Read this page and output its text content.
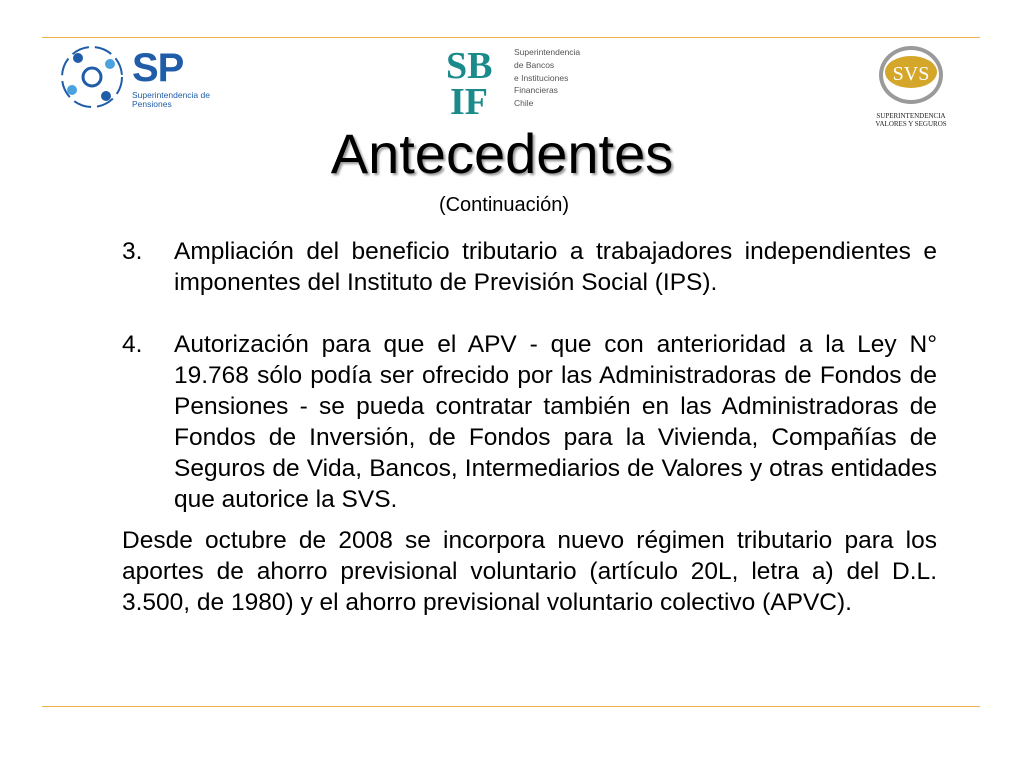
SP
Superintendencia de Pensiones
SB
IF
Superintendencia
de Bancos
e Instituciones
Financieras
Chile
SVS
SUPERINTENDENCIA VALORES Y SEGUROS
Antecedentes
(Continuación)
3. Ampliación del beneficio tributario a trabajadores independientes e imponentes del Instituto de Previsión Social (IPS).
4. Autorización para que el APV - que con anterioridad a la Ley N° 19.768 sólo podía ser ofrecido por las Administradoras de Fondos de Pensiones - se pueda contratar también en las Administradoras de Fondos de Inversión, de Fondos para la Vivienda, Compañías de Seguros de Vida, Bancos, Intermediarios de Valores y otras entidades que autorice la SVS.
Desde octubre de 2008 se incorpora nuevo régimen tributario para los aportes de ahorro previsional voluntario (artículo 20L, letra a) del D.L. 3.500, de 1980) y el ahorro previsional voluntario colectivo (APVC).
